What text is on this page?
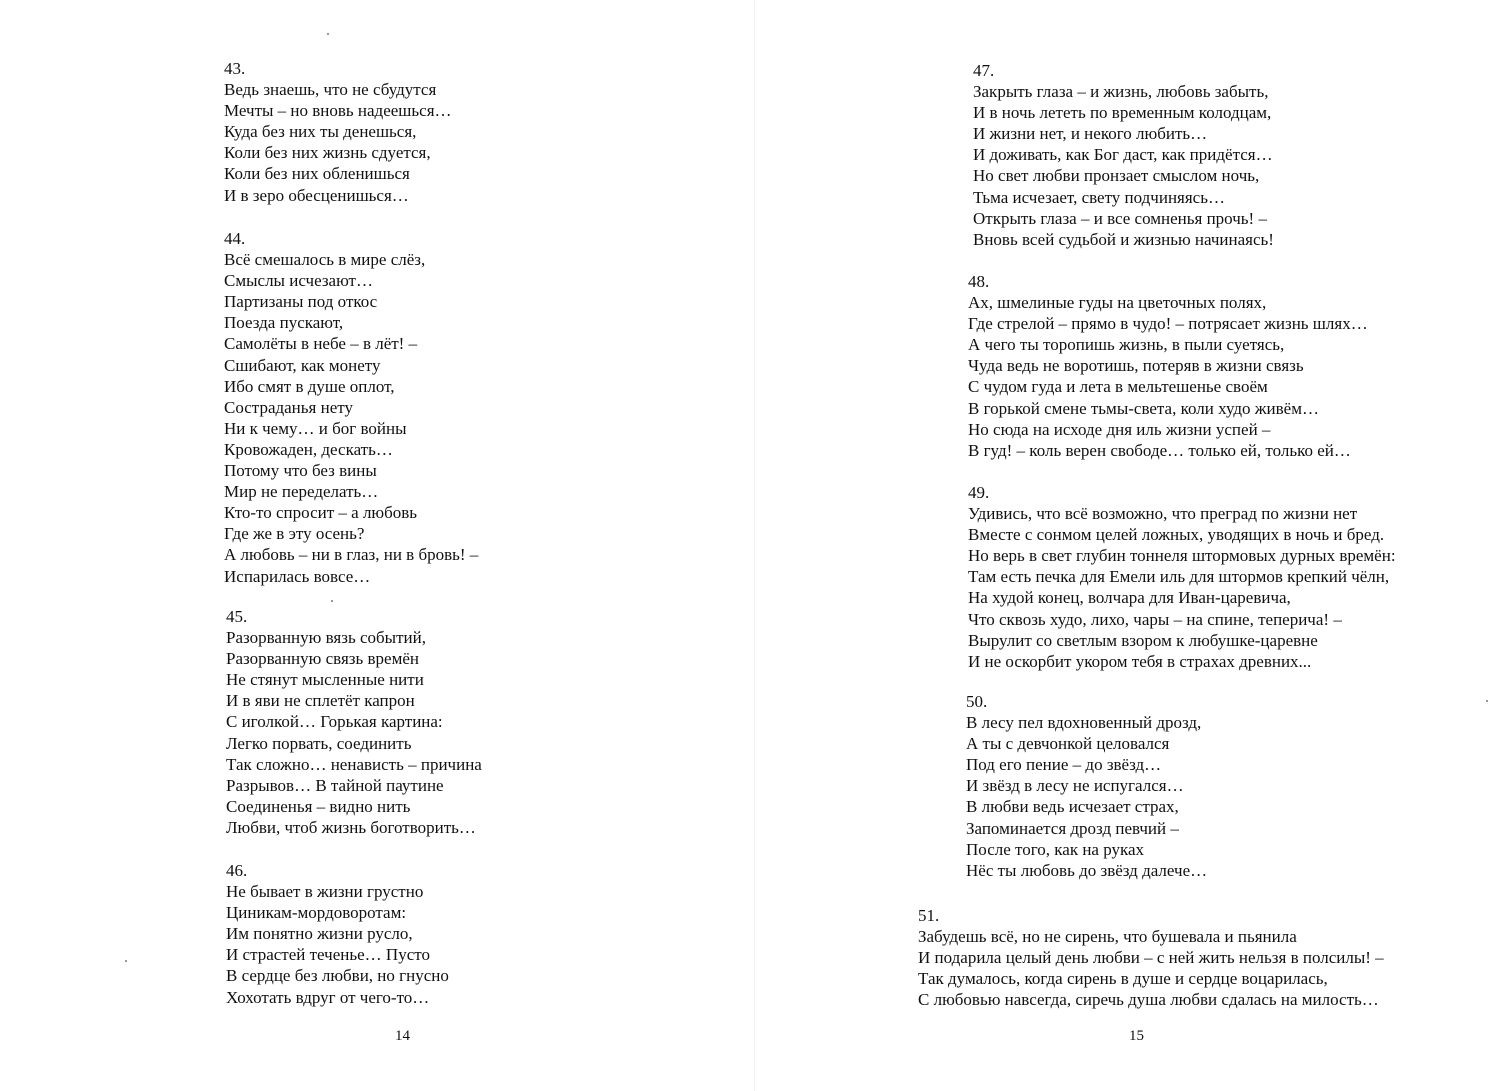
43.
Ведь знаешь, что не сбудутся
Мечты – но вновь надеешься…
Куда без них ты денешься,
Коли без них жизнь сдуется,
Коли без них обленишься
И в зеро обесценишься…
44.
Всё смешалось в мире слёз,
Смыслы исчезают…
Партизаны под откос
Поезда пускают,
Самолёты в небе – в лёт! –
Сшибают, как монету
Ибо смят в душе оплот,
Состраданья нету
Ни к чему… и бог войны
Кровожаден, дескать…
Потому что без вины
Мир не переделать…
Кто-то спросит – а любовь
Где же в эту осень?
А любовь – ни в глаз, ни в бровь! –
Испарилась вовсе…
45.
Разорванную вязь событий,
Разорванную связь времён
Не стянут мысленные нити
И в яви не сплетёт капрон
С иголкой… Горькая картина:
Легко порвать, соединить
Так сложно… ненависть – причина
Разрывов… В тайной паутине
Соединенья – видно нить
Любви, чтоб жизнь боготворить…
46.
Не бывает в жизни грустно
Циникам-мордоворотам:
Им понятно жизни русло,
И страстей теченье… Пусто
В сердце без любви, но гнусно
Хохотать вдруг от чего-то…
14
47.
Закрыть глаза – и жизнь, любовь забыть,
И в ночь лететь по временным колодцам,
И жизни нет, и некого любить…
И доживать, как Бог даст, как придётся…
Но свет любви пронзает смыслом ночь,
Тьма исчезает, свету подчиняясь…
Открыть глаза – и все сомненья прочь! –
Вновь всей судьбой и жизнью начинаясь!
48.
Ах, шмелиные гуды на цветочных полях,
Где стрелой – прямо в чудо! – потрясает жизнь шлях…
А чего ты торопишь жизнь, в пыли суетясь,
Чуда ведь не воротишь, потеряв в жизни связь
С чудом гуда и лета в мельтешенье своём
В горькой смене тьмы-света, коли худо живём…
Но сюда на исходе дня иль жизни успей –
В гуд! – коль верен свободе… только ей, только ей…
49.
Удивись, что всё возможно, что преград по жизни нет
Вместе с сонмом целей ложных, уводящих в ночь и бред.
Но верь в свет глубин тоннеля штормовых дурных времён:
Там есть печка для Емели иль для штормов крепкий чёлн,
На худой конец, волчара для Иван-царевича,
Что сквозь худо, лихо, чары – на спине, теперича! –
Вырулит со светлым взором к любушке-царевне
И не оскорбит укором тебя в страхах древних...
50.
В лесу пел вдохновенный дрозд,
А ты с девчонкой целовался
Под его пение – до звёзд…
И звёзд в лесу не испугался…
В любви ведь исчезает страх,
Запоминается дрозд певчий –
После того, как на руках
Нёс ты любовь до звёзд далече…
51.
Забудешь всё, но не сирень, что бушевала и пьянила
И подарила целый день любви – с ней жить нельзя в полсилы! –
Так думалось, когда сирень в душе и сердце воцарилась,
С любовью навсегда, сиречь душа любви сдалась на милость…
15
